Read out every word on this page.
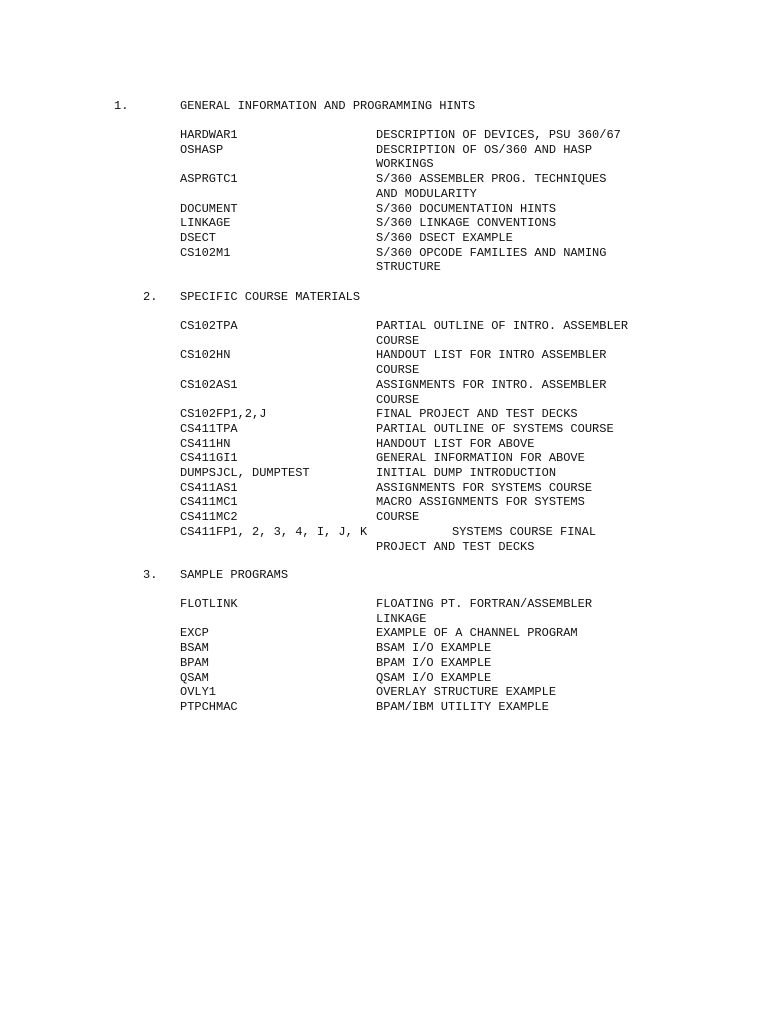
1.	GENERAL INFORMATION AND PROGRAMMING HINTS
HARDWAR1	DESCRIPTION OF DEVICES, PSU 360/67
OSHASP	DESCRIPTION OF OS/360 AND HASP
WORKINGS
ASPRGTC1	S/360 ASSEMBLER PROG. TECHNIQUES
AND MODULARITY
DOCUMENT	S/360 DOCUMENTATION HINTS
LINKAGE	S/360 LINKAGE CONVENTIONS
DSECT	S/360 DSECT EXAMPLE
CS102M1	S/360 OPCODE FAMILIES AND NAMING
STRUCTURE
2. SPECIFIC COURSE MATERIALS
CS102TPA	PARTIAL OUTLINE OF INTRO. ASSEMBLER
COURSE
CS102HN	HANDOUT LIST FOR INTRO ASSEMBLER
COURSE
CS102AS1	ASSIGNMENTS FOR INTRO. ASSEMBLER
COURSE
CS102FP1,2,J	FINAL PROJECT AND TEST DECKS
CS411TPA	PARTIAL OUTLINE OF SYSTEMS COURSE
CS411HN	HANDOUT LIST FOR ABOVE
CS411GI1	GENERAL INFORMATION FOR ABOVE
DUMPSJCL, DUMPTEST	INITIAL DUMP INTRODUCTION
CS411AS1	ASSIGNMENTS FOR SYSTEMS COURSE
CS411MC1	MACRO ASSIGNMENTS FOR SYSTEMS
CS411MC2	COURSE
CS411FP1, 2, 3, 4, I, J, K	SYSTEMS COURSE FINAL
PROJECT AND TEST DECKS
3. SAMPLE PROGRAMS
FLOTLINK	FLOATING PT. FORTRAN/ASSEMBLER
LINKAGE
EXCP	EXAMPLE OF A CHANNEL PROGRAM
BSAM	BSAM I/O EXAMPLE
BPAM	BPAM I/O EXAMPLE
QSAM	QSAM I/O EXAMPLE
OVLY1	OVERLAY STRUCTURE EXAMPLE
PTPCHMAC	BPAM/IBM UTILITY EXAMPLE
